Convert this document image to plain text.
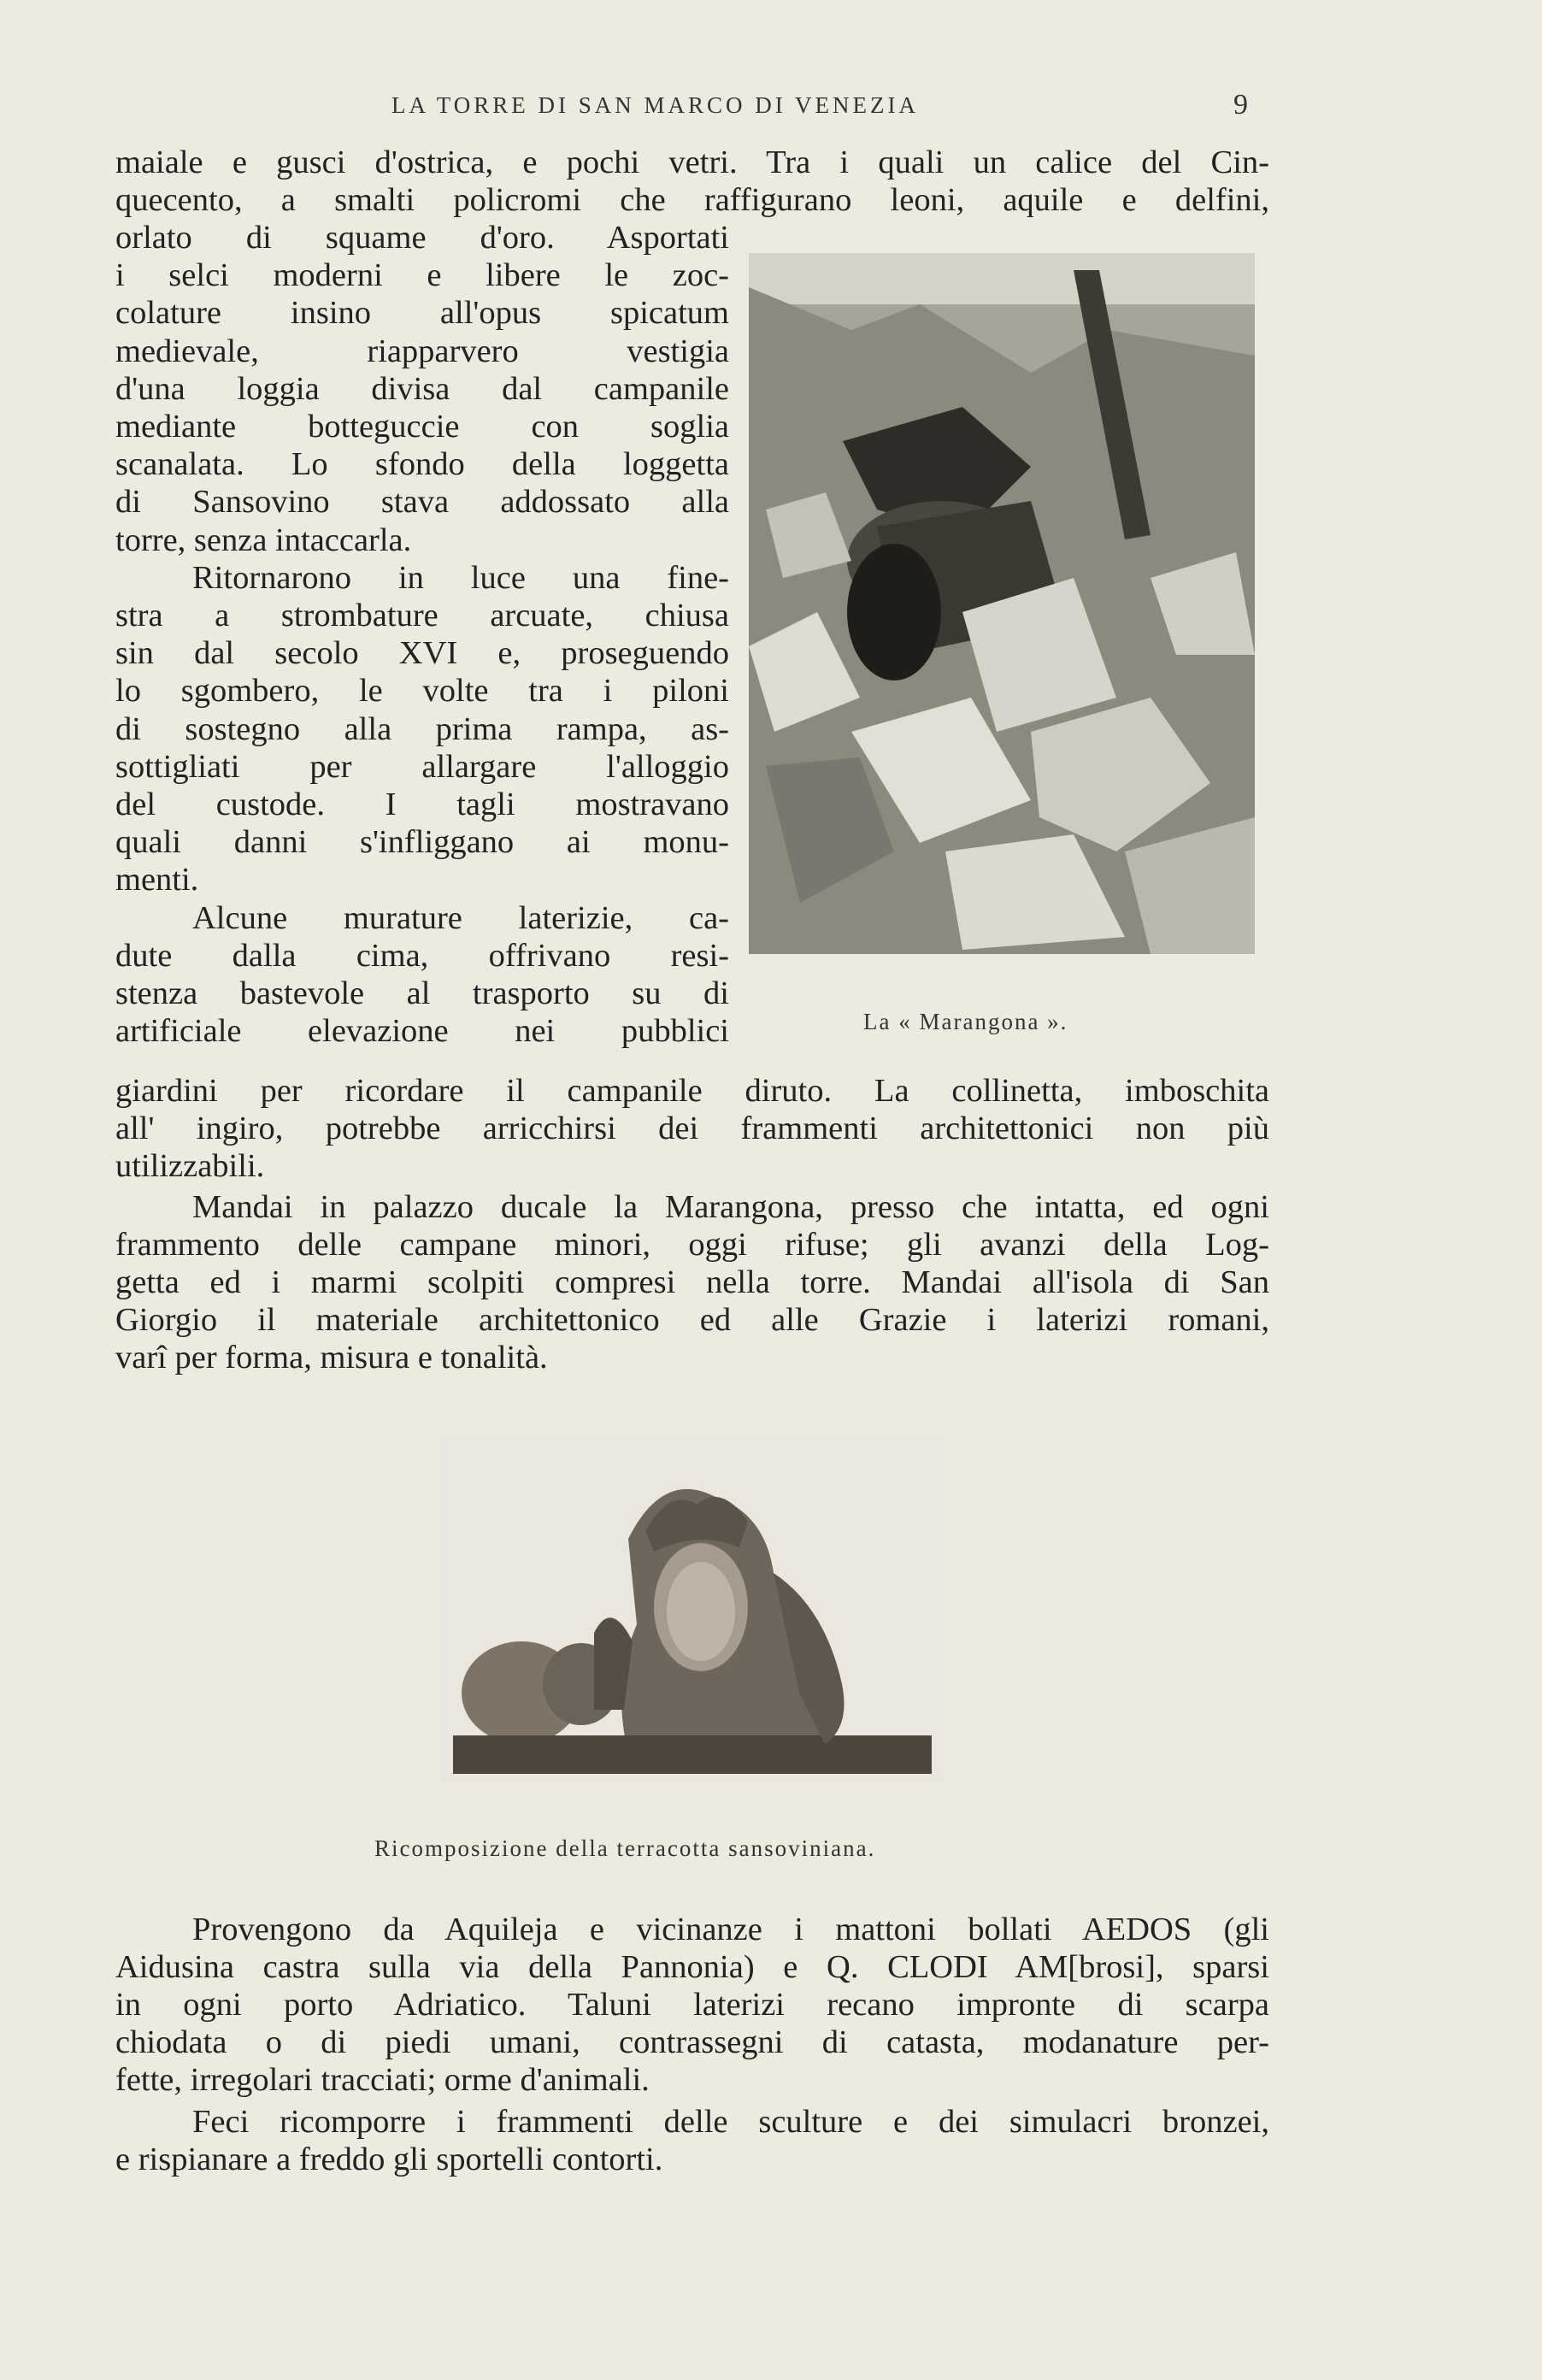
LA TORRE DI SAN MARCO DI VENEZIA	9
maiale e gusci d'ostrica, e pochi vetri. Tra i quali un calice del Cin-
quecento, a smalti policromi che raffigurano leoni, aquile e delfini,
orlato di squame d'oro. Asportati
i selci moderni e libere le zoc-
colature insino all'opus spicatum
medievale, riapparvero vestigia
d'una loggia divisa dal campanile
mediante botteguccie con soglia
scanalata. Lo sfondo della loggetta
di Sansovino stava addossato alla
torre, senza intaccarla.
Ritornarono in luce una fine-
stra a strombature arcuate, chiusa
sin dal secolo XVI e, proseguendo
lo sgombero, le volte tra i piloni
di sostegno alla prima rampa, as-
sottigliati per allargare l'alloggio
del custode. I tagli mostravano
quali danni s'infliggano ai monu-
menti.
Alcune murature laterizie, ca-
dute dalla cima, offrivano resi-
stenza bastevole al trasporto su di
artificiale elevazione nei pubblici	La « Marangona ».
giardini per ricordare il campanile diruto. La collinetta, imboschita
all' ingiro, potrebbe arricchirsi dei frammenti architettonici non più
utilizzabili.
Mandai in palazzo ducale la Marangona, presso che intatta, ed ogni
frammento delle campane minori, oggi rifuse; gli avanzi della Log-
getta ed i marmi scolpiti compresi nella torre. Mandai all'isola di San
Giorgio il materiale architettonico ed alle Grazie i laterizi romani,
varî per forma, misura e tonalità.
Ricomposizione della terracotta sansoviniana.
Provengono da Aquileja e vicinanze i mattoni bollati AEDOS (gli
Aidusina castra sulla via della Pannonia) e Q. CLODI AM[brosi], sparsi
in ogni porto Adriatico. Taluni laterizi recano impronte di scarpa
chiodata o di piedi umani, contrassegni di catasta, modanature per-
fette, irregolari tracciati; orme d'animali.
Feci ricomporre i frammenti delle sculture e dei simulacri bronzei,
e rispianare a freddo gli sportelli contorti.
